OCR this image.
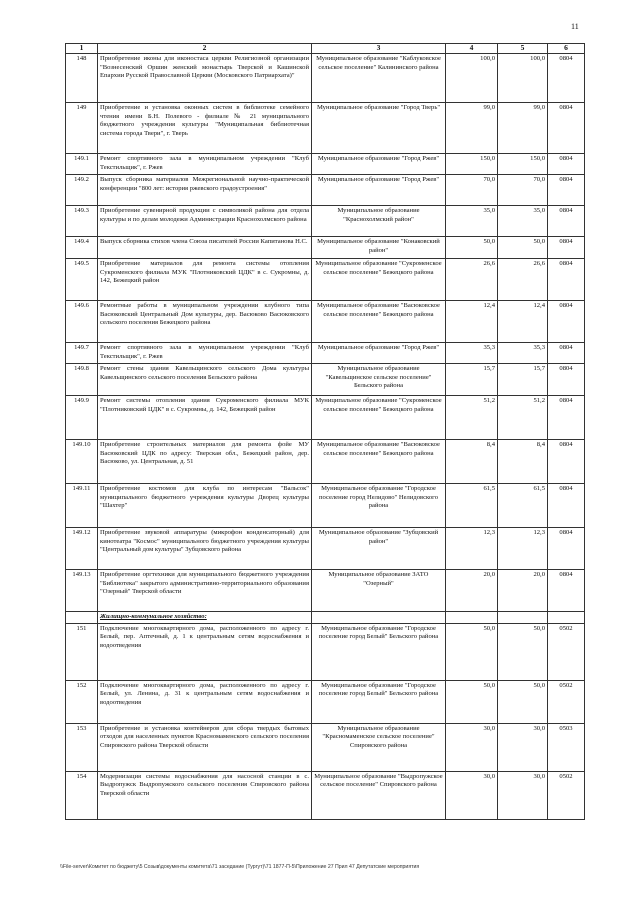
11
1	2	3	4	5	6
148	Приобретение иконы для иконостаса церкви Религиозной организации "Вознесенский Оршин женский монастырь Тверской и Кашинской Епархии Русской Православной Церкви (Московского Патриархата)"	Муниципальное образование "Каблуковское сельское поселение" Калининского района	100,0	100,0	0804
149	Приобретение и установка оконных систем в библиотеке семейного чтения имени Б.Н. Полевого - филиале № 21 муниципального бюджетного учреждения культуры "Муниципальная библиотечная система города Твери", г. Тверь	Муниципальное образование "Город Тверь"	99,0	99,0	0804
149.1	Ремонт спортивного зала в муниципальном учреждении "Клуб Текстильщик", г. Ржев	Муниципальное образование "Город Ржев"	150,0	150,0	0804
149.2	Выпуск сборника материалов Межрегиональной научно-практической конференции "800 лет: история ржевского градоустроения"	Муниципальное образование "Город Ржев"	70,0	70,0	0804
149.3	Приобретение сувенирной продукции с символикой района для отдела культуры и по делам молодежи Администрации Краснохолмского района	Муниципальное образование "Краснохолмский район"	35,0	35,0	0804
149.4	Выпуск сборника стихов члена Союза писателей России Капитанова Н.С.	Муниципальное образование "Конаковский район"	50,0	50,0	0804
149.5	Приобретение материалов для ремонта системы отопления Сукроменского филиала МУК "Плотниковский ЦДК" в с. Сукромны, д. 142, Бежецкий район	Муниципальное образование "Сукроменское сельское поселение" Бежецкого района	26,6	26,6	0804
149.6	Ремонтные работы в муниципальном учреждении клубного типа Васюковский Центральный Дом культуры, дер. Васюково Васюковского сельского поселения Бежецкого района	Муниципальное образование "Васюковское сельское поселение" Бежецкого района	12,4	12,4	0804
149.7	Ремонт спортивного зала в муниципальном учреждении "Клуб Текстильщик", г. Ржев	Муниципальное образование "Город Ржев"	35,3	35,3	0804
149.8	Ремонт стены здания Кавельщинского сельского Дома культуры Кавельщинского сельского поселения Бельского района	Муниципальное образование "Кавельщинское сельское поселение" Бельского района	15,7	15,7	0804
149.9	Ремонт системы отопления здания Сукроменского филиала МУК "Плотниковский ЦДК" в с. Сукромны, д. 142, Бежецкий район	Муниципальное образование "Сукроменское сельское поселение" Бежецкого района	51,2	51,2	0804
149.10	Приобретение строительных материалов для ремонта фойе МУ Васюковский ЦДК по адресу: Тверская обл., Бежецкий район, дер. Васюково, ул. Центральная, д. 51	Муниципальное образование "Васюковское сельское поселение" Бежецкого района	8,4	8,4	0804
149.11	Приобретение костюмов для клуба по интересам "Вальсок" муниципального бюджетного учреждения культуры Дворец культуры "Шахтер"	Муниципальное образование "Городское поселение город Нелидово" Нелидовского района	61,5	61,5	0804
149.12	Приобретение звуковой аппаратуры (микрофон конденсаторный) для кинотеатра "Космос" муниципального бюджетного учреждения культуры "Центральный дом культуры" Зубцовского района	Муниципальное образование "Зубцовский район"	12,3	12,3	0804
149.13	Приобретение оргтехники для муниципального бюджетного учреждения "Библиотека" закрытого административно-территориального образования "Озерный" Тверской области	Муниципальное образование ЗАТО "Озерный"	20,0	20,0	0804
	Жилищно-коммунальное хозяйство:				
151	Подключение многоквартирного дома, расположенного по адресу г. Белый, пер. Аптечный, д. 1 к центральным сетям водоснабжения и водоотведения	Муниципальное образование "Городское поселение город Белый" Бельского района	50,0	50,0	0502
152	Подключение многоквартирного дома, расположенного по адресу г. Белый, ул. Ленина, д. 31 к центральным сетям водоснабжения и водоотведения	Муниципальное образование "Городское поселение город Белый" Бельского района	50,0	50,0	0502
153	Приобретение и установка контейнеров для сбора твердых бытовых отходов для населенных пунктов Красномаменского сельского поселения Спировского района Тверской области	Муниципальное образование "Красномаменское сельское поселение" Спировского района	30,0	30,0	0503
154	Модернизация системы водоснабжения для насосной станции в с. Выдропужск Выдропужского сельского поселения Спировского района Тверской области	Муниципальное образование "Выдропужское сельское поселение" Спировского района	30,0	30,0	0502
\\File-server\Комитет по бюджету\5 Созыв\документы комитета\71 заседание (Тургут)\71 1877-П-5\Приложение 27 Прил 47 Депутатские мероприятия
